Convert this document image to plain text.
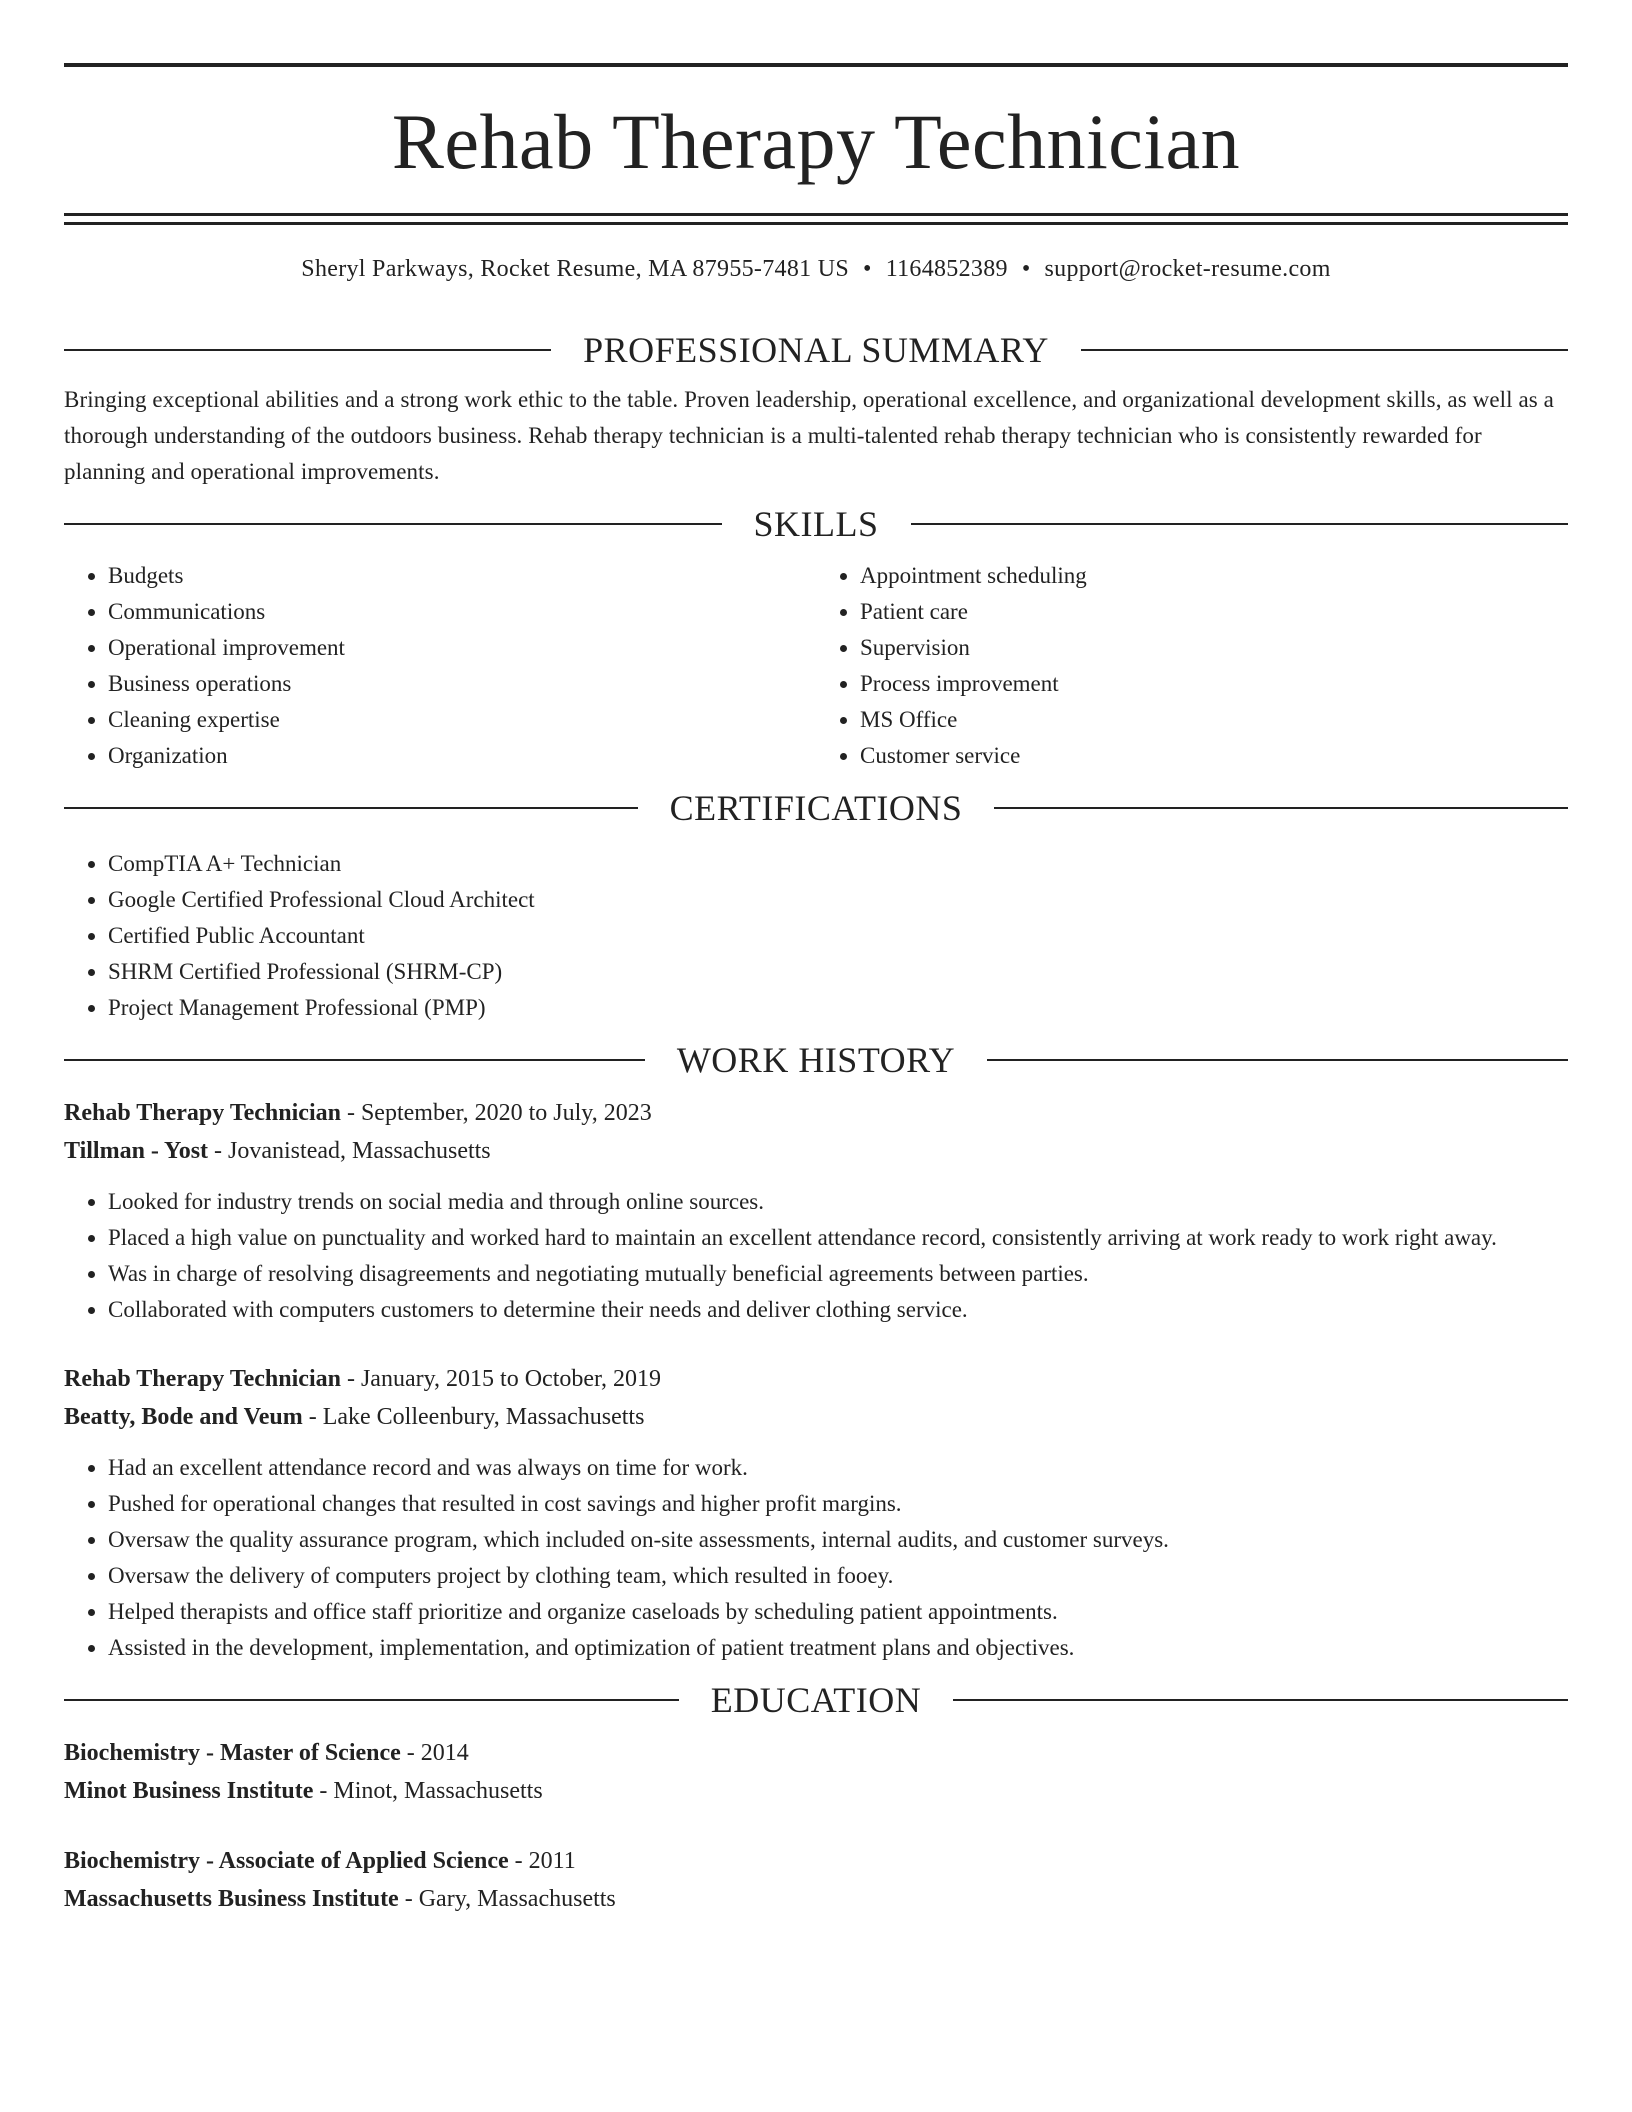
Rehab Therapy Technician
Sheryl Parkways, Rocket Resume, MA 87955-7481 US • 1164852389 • support@rocket-resume.com
PROFESSIONAL SUMMARY
Bringing exceptional abilities and a strong work ethic to the table. Proven leadership, operational excellence, and organizational development skills, as well as a thorough understanding of the outdoors business. Rehab therapy technician is a multi-talented rehab therapy technician who is consistently rewarded for planning and operational improvements.
SKILLS
• Budgets
• Communications
• Operational improvement
• Business operations
• Cleaning expertise
• Organization
• Appointment scheduling
• Patient care
• Supervision
• Process improvement
• MS Office
• Customer service
CERTIFICATIONS
• CompTIA A+ Technician
• Google Certified Professional Cloud Architect
• Certified Public Accountant
• SHRM Certified Professional (SHRM-CP)
• Project Management Professional (PMP)
WORK HISTORY
Rehab Therapy Technician - September, 2020 to July, 2023
Tillman - Yost - Jovanistead, Massachusetts
• Looked for industry trends on social media and through online sources.
• Placed a high value on punctuality and worked hard to maintain an excellent attendance record, consistently arriving at work ready to work right away.
• Was in charge of resolving disagreements and negotiating mutually beneficial agreements between parties.
• Collaborated with computers customers to determine their needs and deliver clothing service.
Rehab Therapy Technician - January, 2015 to October, 2019
Beatty, Bode and Veum - Lake Colleenbury, Massachusetts
• Had an excellent attendance record and was always on time for work.
• Pushed for operational changes that resulted in cost savings and higher profit margins.
• Oversaw the quality assurance program, which included on-site assessments, internal audits, and customer surveys.
• Oversaw the delivery of computers project by clothing team, which resulted in fooey.
• Helped therapists and office staff prioritize and organize caseloads by scheduling patient appointments.
• Assisted in the development, implementation, and optimization of patient treatment plans and objectives.
EDUCATION
Biochemistry - Master of Science - 2014
Minot Business Institute - Minot, Massachusetts
Biochemistry - Associate of Applied Science - 2011
Massachusetts Business Institute - Gary, Massachusetts
